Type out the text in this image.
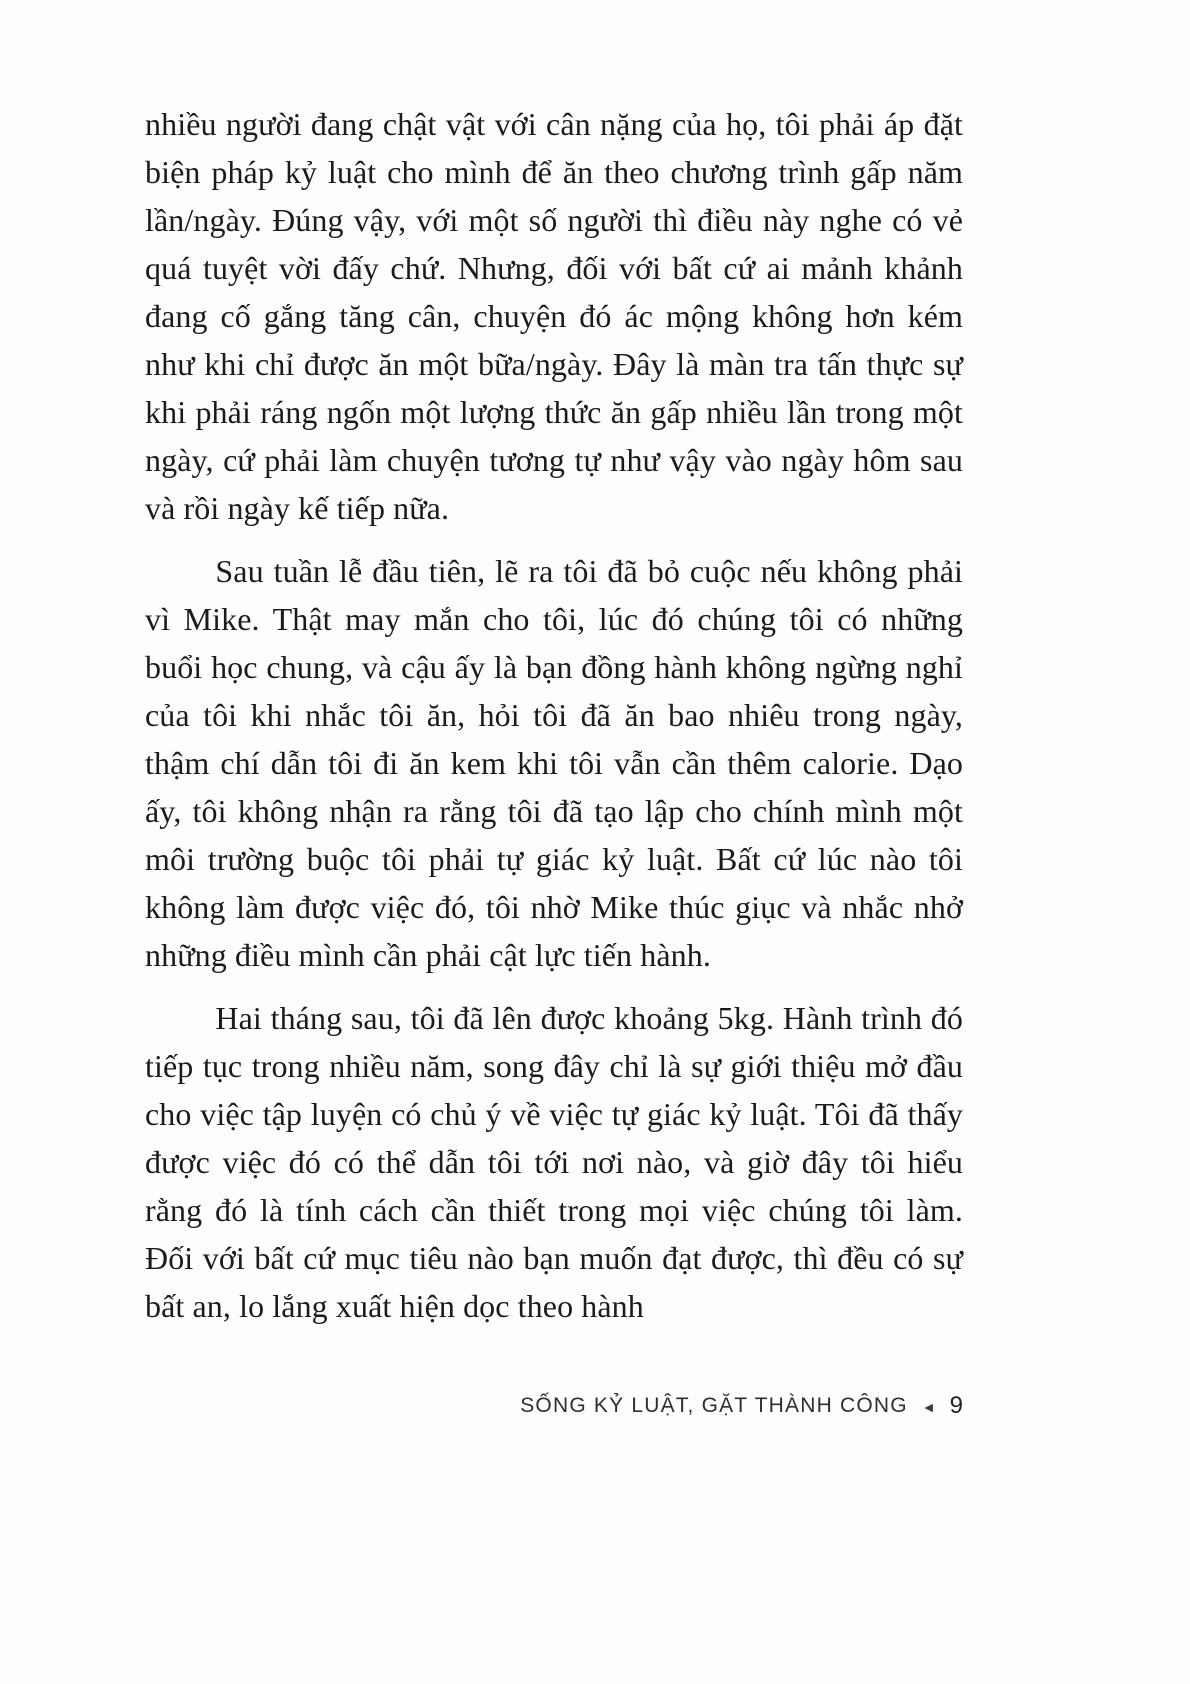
nhiều người đang chật vật với cân nặng của họ, tôi phải áp đặt biện pháp kỷ luật cho mình để ăn theo chương trình gấp năm lần/ngày. Đúng vậy, với một số người thì điều này nghe có vẻ quá tuyệt vời đấy chứ. Nhưng, đối với bất cứ ai mảnh khảnh đang cố gắng tăng cân, chuyện đó ác mộng không hơn kém như khi chỉ được ăn một bữa/ngày. Đây là màn tra tấn thực sự khi phải ráng ngốn một lượng thức ăn gấp nhiều lần trong một ngày, cứ phải làm chuyện tương tự như vậy vào ngày hôm sau và rồi ngày kế tiếp nữa.

Sau tuần lễ đầu tiên, lẽ ra tôi đã bỏ cuộc nếu không phải vì Mike. Thật may mắn cho tôi, lúc đó chúng tôi có những buổi học chung, và cậu ấy là bạn đồng hành không ngừng nghỉ của tôi khi nhắc tôi ăn, hỏi tôi đã ăn bao nhiêu trong ngày, thậm chí dẫn tôi đi ăn kem khi tôi vẫn cần thêm calorie. Dạo ấy, tôi không nhận ra rằng tôi đã tạo lập cho chính mình một môi trường buộc tôi phải tự giác kỷ luật. Bất cứ lúc nào tôi không làm được việc đó, tôi nhờ Mike thúc giục và nhắc nhở những điều mình cần phải cật lực tiến hành.

Hai tháng sau, tôi đã lên được khoảng 5kg. Hành trình đó tiếp tục trong nhiều năm, song đây chỉ là sự giới thiệu mở đầu cho việc tập luyện có chủ ý về việc tự giác kỷ luật. Tôi đã thấy được việc đó có thể dẫn tôi tới nơi nào, và giờ đây tôi hiểu rằng đó là tính cách cần thiết trong mọi việc chúng tôi làm. Đối với bất cứ mục tiêu nào bạn muốn đạt được, thì đều có sự bất an, lo lắng xuất hiện dọc theo hành

SỐNG KỶ LUẬT, GẶT THÀNH CÔNG ◄ 9
